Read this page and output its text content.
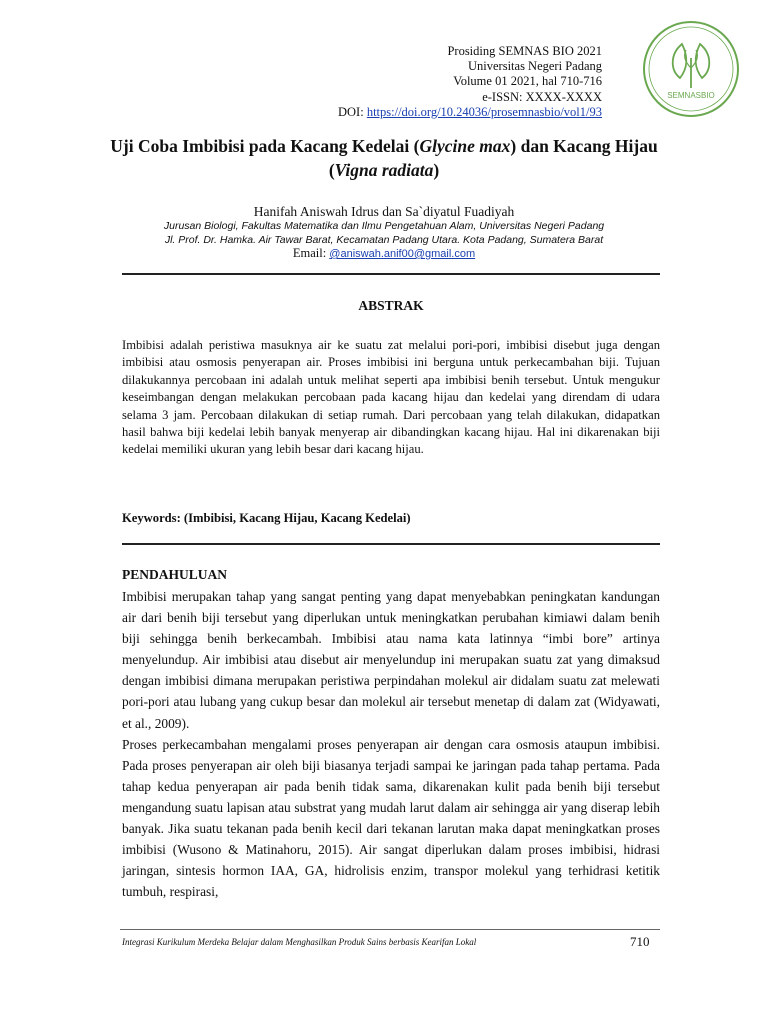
Prosiding SEMNAS BIO 2021
Universitas Negeri Padang
Volume 01 2021, hal 710-716
e-ISSN: XXXX-XXXX
DOI: https://doi.org/10.24036/prosemnasbio/vol1/93
SEMNASBIO
Uji Coba Imbibisi pada Kacang Kedelai (Glycine max) dan Kacang Hijau (Vigna radiata)
Hanifah Aniswah Idrus dan Sa`diyatul Fuadiyah
Jurusan Biologi, Fakultas Matematika dan Ilmu Pengetahuan Alam, Universitas Negeri Padang
Jl. Prof. Dr. Hamka. Air Tawar Barat, Kecamatan Padang Utara. Kota Padang, Sumatera Barat
Email: @aniswah.anif00@gmail.com
ABSTRAK
Imbibisi adalah peristiwa masuknya air ke suatu zat melalui pori-pori, imbibisi disebut juga dengan imbibisi atau osmosis penyerapan air. Proses imbibisi ini berguna untuk perkecambahan biji. Tujuan dilakukannya percobaan ini adalah untuk melihat seperti apa imbibisi benih tersebut. Untuk mengukur keseimbangan dengan melakukan percobaan pada kacang hijau dan kedelai yang direndam di udara selama 3 jam. Percobaan dilakukan di setiap rumah. Dari percobaan yang telah dilakukan, didapatkan hasil bahwa biji kedelai lebih banyak menyerap air dibandingkan kacang hijau. Hal ini dikarenakan biji kedelai memiliki ukuran yang lebih besar dari kacang hijau.
Keywords: (Imbibisi, Kacang Hijau, Kacang Kedelai)
PENDAHULUAN

Imbibisi merupakan tahap yang sangat penting yang dapat menyebabkan peningkatan kandungan air dari benih biji tersebut yang diperlukan untuk meningkatkan perubahan kimiawi dalam benih biji sehingga benih berkecambah. Imbibisi atau nama kata latinnya “imbi bore” artinya menyelundup. Air imbibisi atau disebut air menyelundup ini merupakan suatu zat yang dimaksud dengan imbibisi dimana merupakan peristiwa perpindahan molekul air didalam suatu zat melewati pori-pori atau lubang yang cukup besar dan molekul air tersebut menetap di dalam zat (Widyawati, et al., 2009).

Proses perkecambahan mengalami proses penyerapan air dengan cara osmosis ataupun imbibisi. Pada proses penyerapan air oleh biji biasanya terjadi sampai ke jaringan pada tahap pertama. Pada tahap kedua penyerapan air pada benih tidak sama, dikarenakan kulit pada benih biji tersebut mengandung suatu lapisan atau substrat yang mudah larut dalam air sehingga air yang diserap lebih banyak. Jika suatu tekanan pada benih kecil dari tekanan larutan maka dapat meningkatkan proses imbibisi (Wusono & Matinahoru, 2015). Air sangat diperlukan dalam proses imbibisi, hidrasi jaringan, sintesis hormon IAA, GA, hidrolisis enzim, transpor molekul yang terhidrasi ketitik tumbuh, respirasi,

Integrasi Kurikulum Merdeka Belajar dalam Menghasilkan Produk Sains berbasis Kearifan Lokal	710
